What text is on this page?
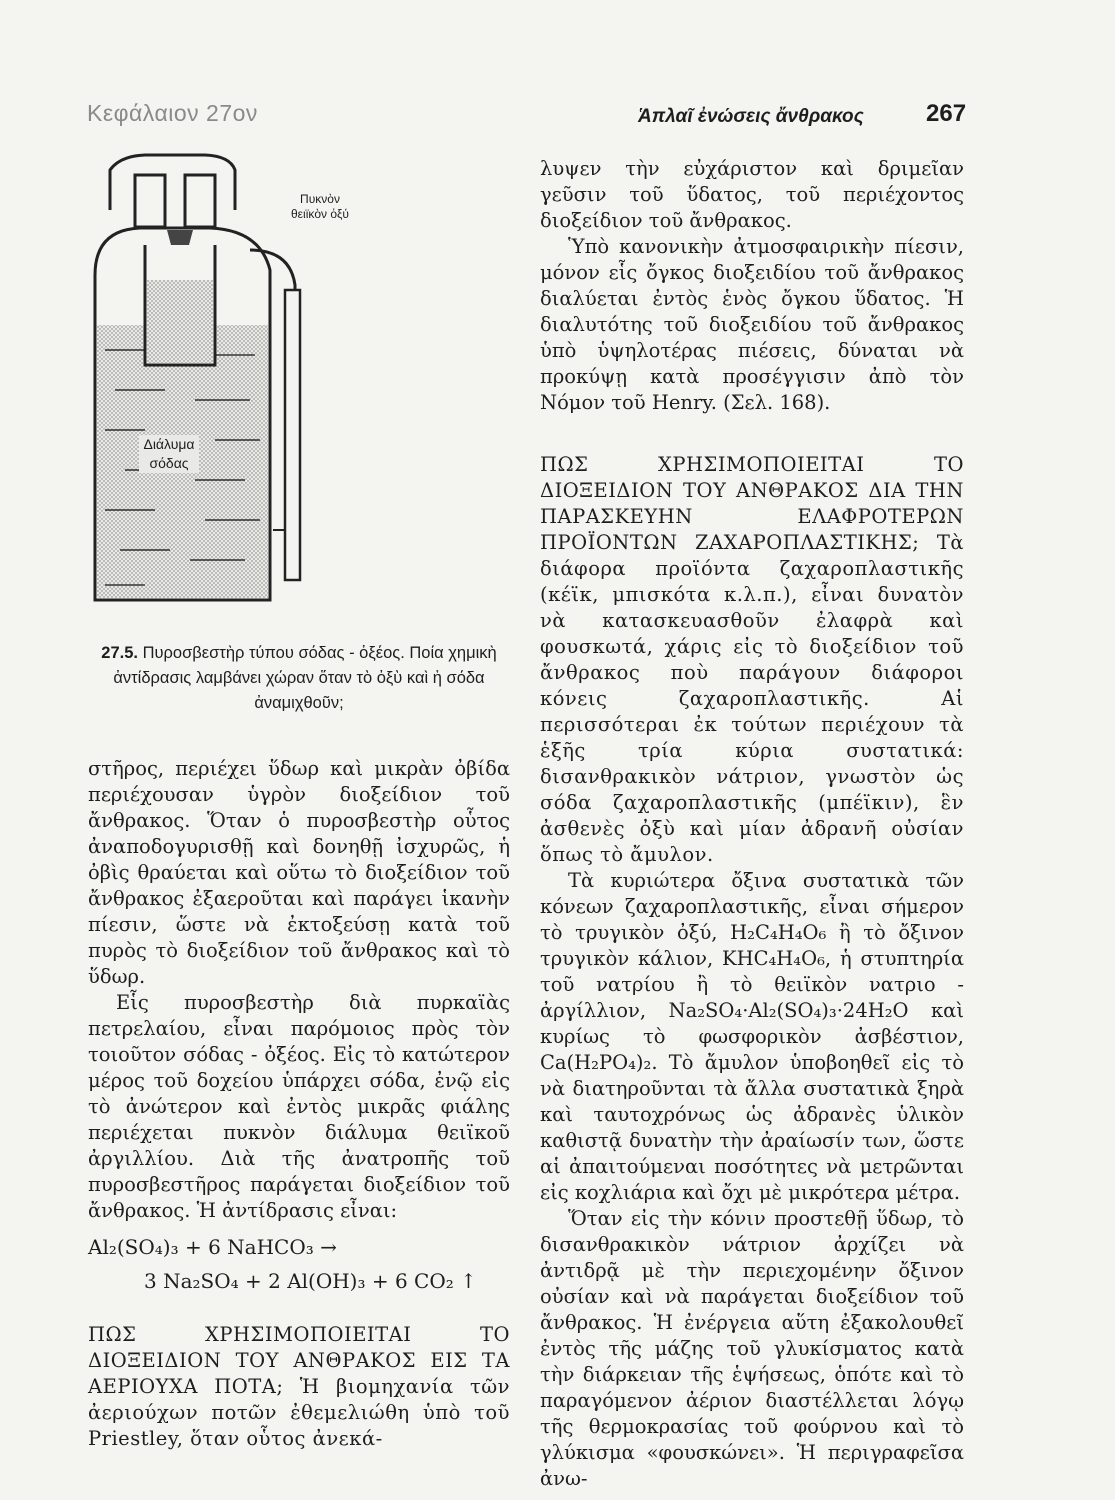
Κεφάλαιον 27ον	Ἁπλαῖ ἐνώσεις ἄνθρακος	267
Πυκνὸν θειϊκὸν ὀξύ
Διάλυμα σόδας
27.5. Πυροσβεστὴρ τύπου σόδας - ὀξέος. Ποία χημικὴ ἀντίδρασις λαμβάνει χώραν ὅταν τὸ ὀξὺ καὶ ἡ σόδα ἀναμιχθοῦν;

στῆρος, περιέχει ὕδωρ καὶ μικρὰν ὀβίδα περιέχουσαν ὑγρὸν διοξείδιον τοῦ ἄνθρακος. Ὅταν ὁ πυροσβεστὴρ οὗτος ἀναποδογυρισθῇ καὶ δονηθῇ ἰσχυρῶς, ἡ ὀβὶς θραύεται καὶ οὕτω τὸ διοξείδιον τοῦ ἄνθρακος ἐξαεροῦται καὶ παράγει ἱκανὴν πίεσιν, ὥστε νὰ ἐκτοξεύσῃ κατὰ τοῦ πυρὸς τὸ διοξείδιον τοῦ ἄνθρακος καὶ τὸ ὕδωρ.

Εἷς πυροσβεστὴρ διὰ πυρκαϊὰς πετρελαίου, εἶναι παρόμοιος πρὸς τὸν τοιοῦτον σόδας - ὀξέος. Εἰς τὸ κατώτερον μέρος τοῦ δοχείου ὑπάρχει σόδα, ἐνῷ εἰς τὸ ἀνώτερον καὶ ἐντὸς μικρᾶς φιάλης περιέχεται πυκνὸν διάλυμα θειϊκοῦ ἀργιλλίου. Διὰ τῆς ἀνατροπῆς τοῦ πυροσβεστῆρος παράγεται διοξείδιον τοῦ ἄνθρακος. Ἡ ἀντίδρασις εἶναι:

Al₂(SO₄)₃ + 6 NaHCO₃ →
3 Na₂SO₄ + 2 Al(OH)₃ + 6 CO₂ ↑

ΠΩΣ ΧΡΗΣΙΜΟΠΟΙΕΙΤΑΙ ΤΟ ΔΙΟΞΕΙΔΙΟΝ ΤΟΥ ΑΝΘΡΑΚΟΣ ΕΙΣ ΤΑ ΑΕΡΙΟΥΧΑ ΠΟΤΑ; Ἡ βιομηχανία τῶν ἀεριούχων ποτῶν ἐθεμελιώθη ὑπὸ τοῦ Priestley, ὅταν οὗτος ἀνεκά-

λυψεν τὴν εὐχάριστον καὶ δριμεῖαν γεῦσιν τοῦ ὕδατος, τοῦ περιέχοντος διοξείδιον τοῦ ἄνθρακος.

Ὑπὸ κανονικὴν ἀτμοσφαιρικὴν πίεσιν, μόνον εἷς ὄγκος διοξειδίου τοῦ ἄνθρακος διαλύεται ἐντὸς ἑνὸς ὄγκου ὕδατος. Ἡ διαλυτότης τοῦ διοξειδίου τοῦ ἄνθρακος ὑπὸ ὑψηλοτέρας πιέσεις, δύναται νὰ προκύψῃ κατὰ προσέγγισιν ἀπὸ τὸν Νόμον τοῦ Henry. (Σελ. 168).

ΠΩΣ ΧΡΗΣΙΜΟΠΟΙΕΙΤΑΙ ΤΟ ΔΙΟΞΕΙΔΙΟΝ ΤΟΥ ΑΝΘΡΑΚΟΣ ΔΙΑ ΤΗΝ ΠΑΡΑΣΚΕΥΗΝ ΕΛΑΦΡΟΤΕΡΩΝ ΠΡΟΪΟΝΤΩΝ ΖΑΧΑΡΟΠΛΑΣΤΙΚΗΣ; Τὰ διάφορα προϊόντα ζαχαροπλαστικῆς (κέϊκ, μπισκότα κ.λ.π.), εἶναι δυνατὸν νὰ κατασκευασθοῦν ἐλαφρὰ καὶ φουσκωτά, χάρις εἰς τὸ διοξείδιον τοῦ ἄνθρακος ποὺ παράγουν διάφοροι κόνεις ζαχαροπλαστικῆς. Αἱ περισσότεραι ἐκ τούτων περιέχουν τὰ ἑξῆς τρία κύρια συστατικά: δισανθρακικὸν νάτριον, γνωστὸν ὡς σόδα ζαχαροπλαστικῆς (μπέϊκιν), ἓν ἀσθενὲς ὀξὺ καὶ μίαν ἀδρανῆ οὐσίαν ὅπως τὸ ἄμυλον.

Τὰ κυριώτερα ὄξινα συστατικὰ τῶν κόνεων ζαχαροπλαστικῆς, εἶναι σήμερον τὸ τρυγικὸν ὀξύ, H₂C₄H₄O₆ ἢ τὸ ὄξινον τρυγικὸν κάλιον, KHC₄H₄O₆, ἡ στυπτηρία τοῦ νατρίου ἢ τὸ θειϊκὸν νατριο - ἀργίλλιον, Na₂SO₄·Al₂(SO₄)₃·24H₂O καὶ κυρίως τὸ φωσφορικὸν ἀσβέστιον, Ca(H₂PO₄)₂. Τὸ ἄμυλον ὑποβοηθεῖ εἰς τὸ νὰ διατηροῦνται τὰ ἄλλα συστατικὰ ξηρὰ καὶ ταυτοχρόνως ὡς ἀδρανὲς ὑλικὸν καθιστᾷ δυνατὴν τὴν ἀραίωσίν των, ὥστε αἱ ἀπαιτούμεναι ποσότητες νὰ μετρῶνται εἰς κοχλιάρια καὶ ὄχι μὲ μικρότερα μέτρα.

Ὅταν εἰς τὴν κόνιν προστεθῇ ὕδωρ, τὸ δισανθρακικὸν νάτριον ἀρχίζει νὰ ἀντιδρᾷ μὲ τὴν περιεχομένην ὄξινον οὐσίαν καὶ νὰ παράγεται διοξείδιον τοῦ ἄνθρακος. Ἡ ἐνέργεια αὕτη ἐξακολουθεῖ ἐντὸς τῆς μάζης τοῦ γλυκίσματος κατὰ τὴν διάρκειαν τῆς ἑψήσεως, ὁπότε καὶ τὸ παραγόμενον ἀέριον διαστέλλεται λόγῳ τῆς θερμοκρασίας τοῦ φούρνου καὶ τὸ γλύκισμα «φουσκώνει». Ἡ περιγραφεῖσα ἀνω-
